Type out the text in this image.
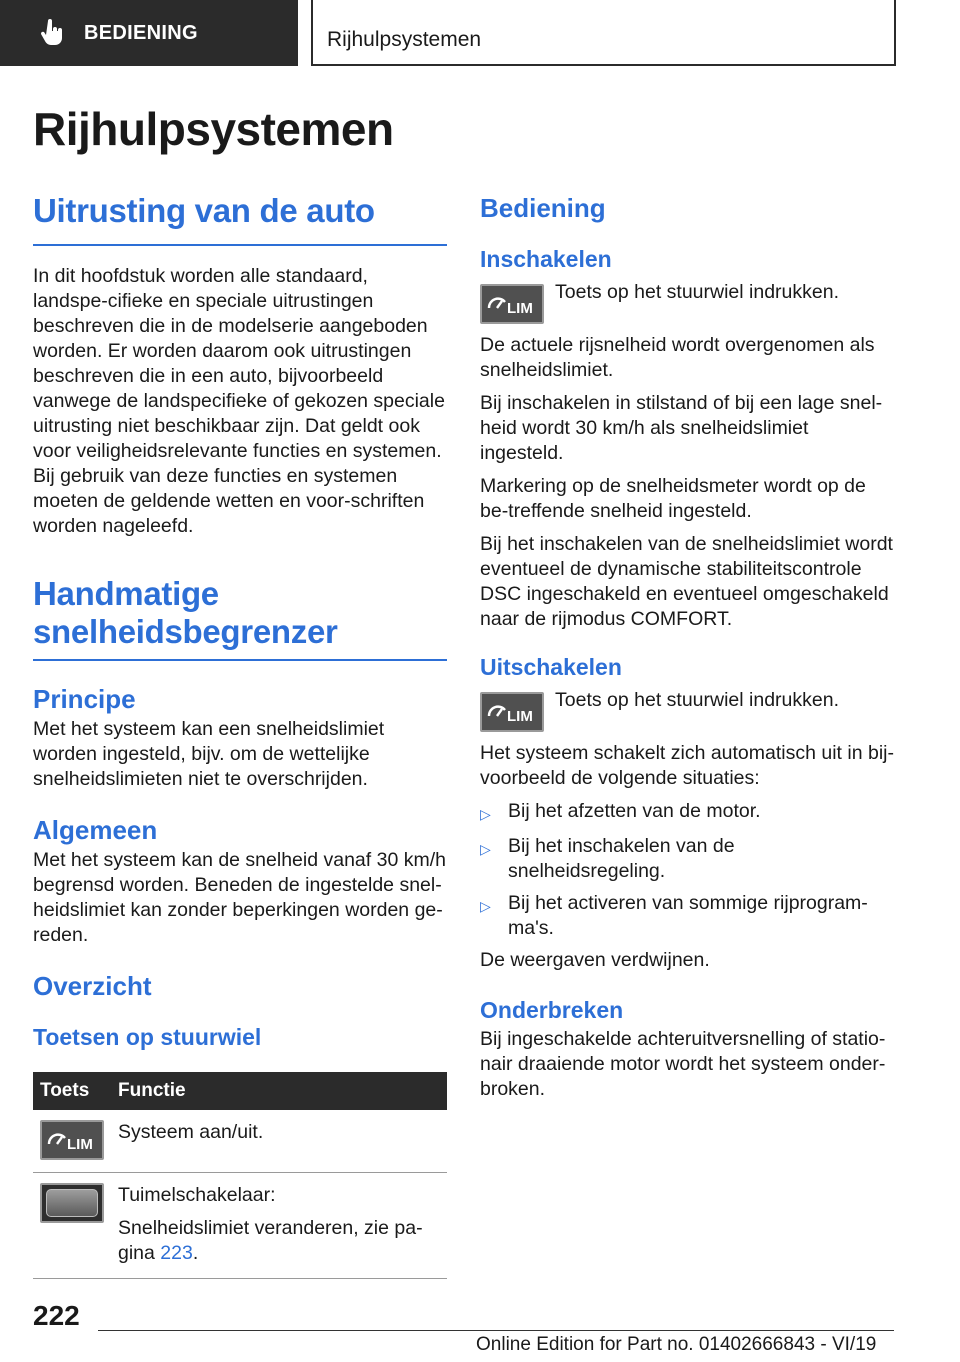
BEDIENING	Rijhulpsystemen
Rijhulpsystemen
Uitrusting van de auto

In dit hoofdstuk worden alle standaard, landspe-cifieke en speciale uitrustingen beschreven die in de modelserie aangeboden worden. Er worden daarom ook uitrustingen beschreven die in een auto, bijvoorbeeld vanwege de landspecifieke of gekozen speciale uitrusting niet beschikbaar zijn. Dat geldt ook voor veiligheidsrelevante functies en systemen. Bij gebruik van deze functies en systemen moeten de geldende wetten en voor-schriften worden nageleefd.

Handmatige
snelheidsbegrenzer
Principe

Met het systeem kan een snelheidslimiet worden ingesteld, bijv. om de wettelijke snelheidslimieten niet te overschrijden.

Algemeen

Met het systeem kan de snelheid vanaf 30 km/h begrensd worden. Beneden de ingestelde snel-heidslimiet kan zonder beperkingen worden ge-reden.

Overzicht
Toetsen op stuurwiel
Toets	Functie

LIM	Systeem aan/uit.

	Tuimelschakelaar:
Snelheidslimiet veranderen, zie pa-gina 223.
Bediening
Inschakelen
LIM

Toets op het stuurwiel indrukken.

De actuele rijsnelheid wordt overgenomen als snelheidslimiet.

Bij inschakelen in stilstand of bij een lage snel-heid wordt 30 km/h als snelheidslimiet ingesteld.

Markering op de snelheidsmeter wordt op de be-treffende snelheid ingesteld.

Bij het inschakelen van de snelheidslimiet wordt eventueel de dynamische stabiliteitscontrole DSC ingeschakeld en eventueel omgeschakeld naar de rijmodus COMFORT.

Uitschakelen
LIM

Toets op het stuurwiel indrukken.

Het systeem schakelt zich automatisch uit in bij-voorbeeld de volgende situaties:

▷ Bij het afzetten van de motor.
▷ Bij het inschakelen van de snelheidsregeling.
▷ Bij het activeren van sommige rijprogram-ma's.

De weergaven verdwijnen.

Onderbreken

Bij ingeschakelde achteruitversnelling of statio-nair draaiende motor wordt het systeem onder-broken.

222
Online Edition for Part no. 01402666843 - VI/19
